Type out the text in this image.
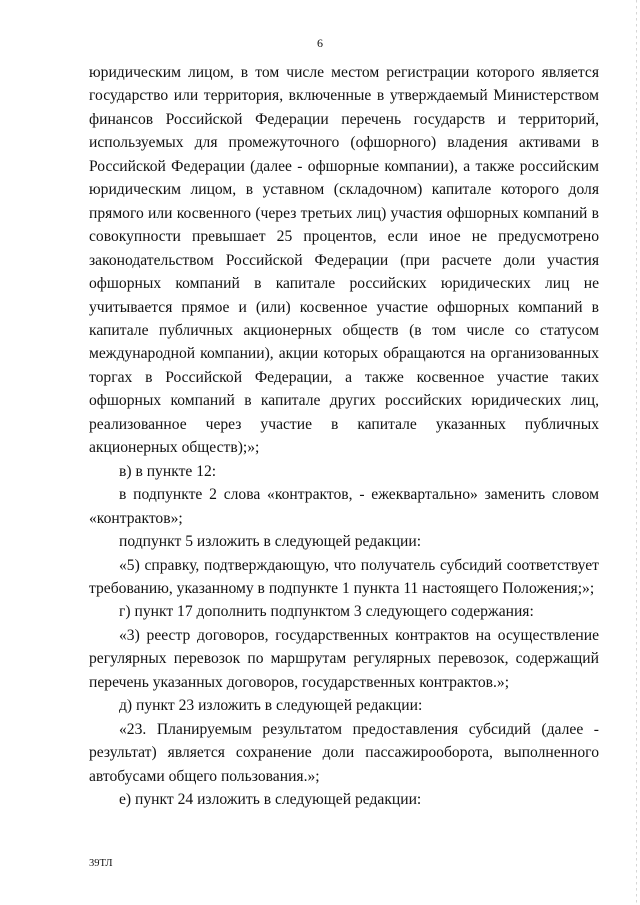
6

юридическим лицом, в том числе местом регистрации которого является государство или территория, включенные в утверждаемый Министерством финансов Российской Федерации перечень государств и территорий, используемых для промежуточного (офшорного) владения активами в Российской Федерации (далее - офшорные компании), а также российским юридическим лицом, в уставном (складочном) капитале которого доля прямого или косвенного (через третьих лиц) участия офшорных компаний в совокупности превышает 25 процентов, если иное не предусмотрено законодательством Российской Федерации (при расчете доли участия офшорных компаний в капитале российских юридических лиц не учитывается прямое и (или) косвенное участие офшорных компаний в капитале публичных акционерных обществ (в том числе со статусом международной компании), акции которых обращаются на организованных торгах в Российской Федерации, а также косвенное участие таких офшорных компаний в капитале других российских юридических лиц, реализованное через участие в капитале указанных публичных акционерных обществ);»;

в) в пункте 12:

в подпункте 2 слова «контрактов, - ежеквартально» заменить словом «контрактов»;

подпункт 5 изложить в следующей редакции:

«5) справку, подтверждающую, что получатель субсидий соответствует требованию, указанному в подпункте 1 пункта 11 настоящего Положения;»;

г) пункт 17 дополнить подпунктом 3 следующего содержания:

«3) реестр договоров, государственных контрактов на осуществление регулярных перевозок по маршрутам регулярных перевозок, содержащий перечень указанных договоров, государственных контрактов.»;

д) пункт 23 изложить в следующей редакции:

«23. Планируемым результатом предоставления субсидий (далее - результат) является сохранение доли пассажирооборота, выполненного автобусами общего пользования.»;

е) пункт 24 изложить в следующей редакции:

39ТЛ
